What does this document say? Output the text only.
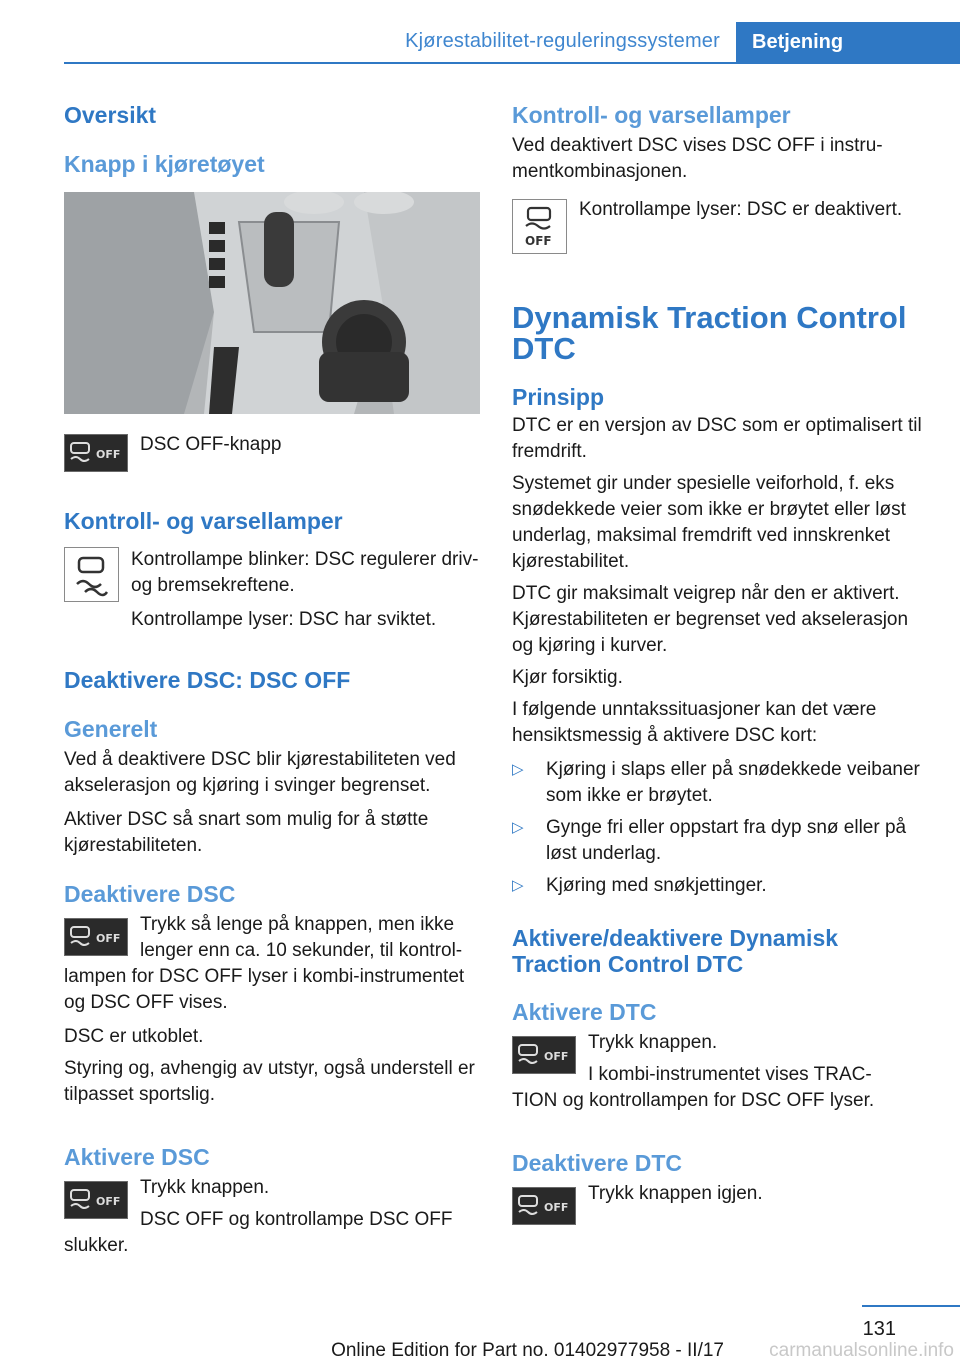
Kjørestabilitet-reguleringssystemer	Betjening
Oversikt
Knapp i kjøretøyet
OFF DSC OFF-knapp

Kontroll- og varsellamper

Kontrollampe blinker: DSC regulerer driv- og bremsekreftene.

Kontrollampe lyser: DSC har sviktet.

Deaktivere DSC: DSC OFF
Generelt

Ved å deaktivere DSC blir kjørestabiliteten ved akselerasjon og kjøring i svinger begrenset.

Aktiver DSC så snart som mulig for å støtte kjørestabiliteten.

Deaktivere DSC
OFF

Trykk så lenge på knappen, men ikke lenger enn ca. 10 sekunder, til kontrol-

lampen for DSC OFF lyser i kombi-instrumentet og DSC OFF vises.

DSC er utkoblet.

Styring og, avhengig av utstyr, også understell er tilpasset sportslig.

Aktivere DSC
OFF

Trykk knappen.

DSC OFF og kontrollampe DSC OFF

slukker.

Kontroll- og varsellamper

Ved deaktivert DSC vises DSC OFF i instrumentkombinasjonen.

OFF

Kontrollampe lyser: DSC er deaktivert.

Dynamisk Traction Control DTC
Prinsipp

DTC er en versjon av DSC som er optimalisert til fremdrift.

Systemet gir under spesielle veiforhold, f. eks snødekkede veier som ikke er brøytet eller løst underlag, maksimal fremdrift ved innskrenket kjørestabilitet.

DTC gir maksimalt veigrep når den er aktivert. Kjørestabiliteten er begrenset ved akselerasjon og kjøring i kurver.

Kjør forsiktig.

I følgende unntakssituasjoner kan det være hensiktsmessig å aktivere DSC kort:

▷ Kjøring i slaps eller på snødekkede veibaner som ikke er brøytet.
▷ Gynge fri eller oppstart fra dyp snø eller på løst underlag.
▷ Kjøring med snøkjettinger.
Aktivere/deaktivere Dynamisk Traction Control DTC
Aktivere DTC
OFF

Trykk knappen.

I kombi-instrumentet vises TRAC-

TION og kontrollampen for DSC OFF lyser.

Deaktivere DTC
OFF

Trykk knappen igjen.

131
Online Edition for Part no. 01402977958 - II/17 carmanualsonline.info
